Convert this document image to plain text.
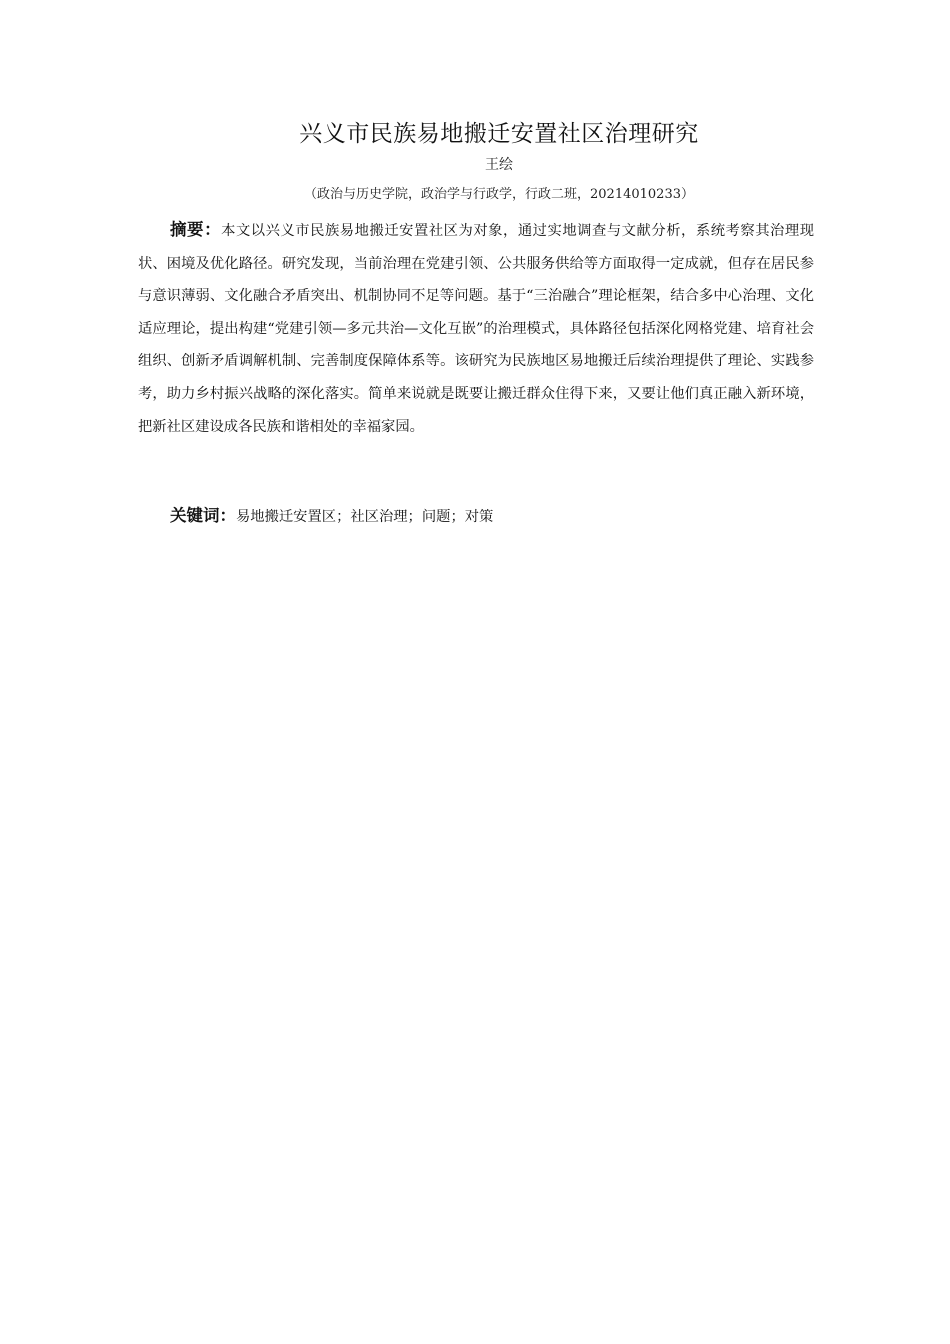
兴义市民族易地搬迁安置社区治理研究
王绘
（政治与历史学院，政治学与行政学，行政二班，20214010233）

摘要：本文以兴义市民族易地搬迁安置社区为对象，通过实地调查与文献分析，系统考察其治理现状、困境及优化路径。研究发现，当前治理在党建引领、公共服务供给等方面取得一定成就，但存在居民参与意识薄弱、文化融合矛盾突出、机制协同不足等问题。基于“三治融合”理论框架，结合多中心治理、文化适应理论，提出构建“党建引领—多元共治—文化互嵌”的治理模式，具体路径包括深化网格党建、培育社会组织、创新矛盾调解机制、完善制度保障体系等。该研究为民族地区易地搬迁后续治理提供了理论、实践参考，助力乡村振兴战略的深化落实。简单来说就是既要让搬迁群众住得下来，又要让他们真正融入新环境，把新社区建设成各民族和谐相处的幸福家园。

关键词：易地搬迁安置区；社区治理；问题；对策
